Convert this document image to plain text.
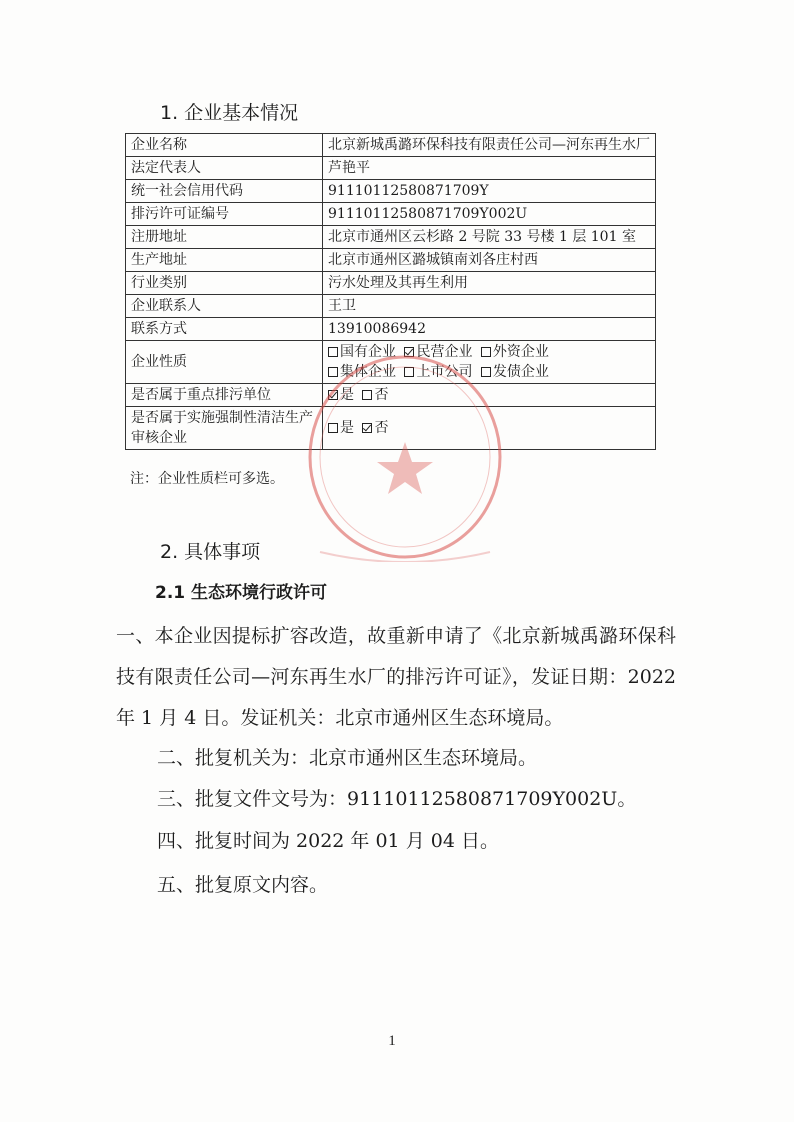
1. 企业基本情况
企业名称	北京新城禹潞环保科技有限责任公司—河东再生水厂
法定代表人	芦艳平
统一社会信用代码	91110112580871709Y
排污许可证编号	91110112580871709Y002U
注册地址	北京市通州区云杉路 2 号院 33 号楼 1 层 101 室
生产地址	北京市通州区潞城镇南刘各庄村西
行业类别	污水处理及其再生利用
企业联系人	王卫
联系方式	13910086942
企业性质	国有企业 民营企业 外资企业
集体企业 上市公司 发债企业

是否属于重点排污单位	是 否
是否属于实施强制性清洁生产审核企业	是 否
注：企业性质栏可多选。
2. 具体事项
2.1 生态环境行政许可
一、本企业因提标扩容改造，故重新申请了《北京新城禹潞环保科技有限责任公司—河东再生水厂的排污许可证》，发证日期：2022 年 1 月 4 日。发证机关：北京市通州区生态环境局。
二、批复机关为：北京市通州区生态环境局。
三、批复文件文号为：91110112580871709Y002U。
四、批复时间为 2022 年 01 月 04 日。
五、批复原文内容。
1
